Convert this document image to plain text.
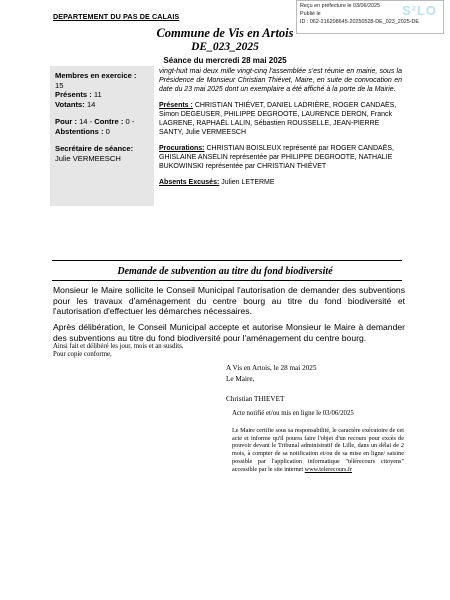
DEPARTEMENT DU PAS DE CALAIS
Reçu en préfecture le 03/06/2025
Publié le
ID : 062-216208645-20250528-DE_023_2025-DE
S²LO
Commune de Vis en Artois
DE_023_2025
Séance du mercredi 28 mai 2025
Membres en exercice :
15
Présents : 11
Votants: 14
Pour : 14 - Contre : 0 -
Abstentions : 0
Secrétaire de séance:
Julie VERMEESCH

vingt-huit mai deux mille vingt-cinq l'assemblée s'est réunie en mairie, sous la Présidence de Monsieur Christian Thiévet, Maire, en suite de convocation en date du 23 mai 2025 dont un exemplaire a été affiché à la porte de la Mairie.

Présents : CHRISTIAN THIÉVET, DANIEL LADRIÈRE, ROGER CANDAËS, Simon DEGEUSER, PHILIPPE DEGROOTE, LAURENCE DERON, Franck LAGRENE, RAPHAËL LALIN, Sébastien ROUSSELLE, JEAN-PIERRE SANTY, Julie VERMEESCH

Procurations: CHRISTIAN BOISLEUX représenté par ROGER CANDAËS, GHISLAINE ANSELIN représentée par PHILIPPE DEGROOTE, NATHALIE BUKOWINSKI représentée par CHRISTIAN THIÉVET

Absents Excusés: Julien LETERME

Demande de subvention au titre du fond biodiversité
Monsieur le Maire sollicite le Conseil Municipal l'autorisation de demander des subventions pour les travaux d'aménagement du centre bourg au titre du fond biodiversité et l'autorisation d'effectuer les démarches nécessaires.
Après délibération, le Conseil Municipal accepte et autorise Monsieur le Maire à demander des subventions au titre du fond biodiversité pour l'aménagement du centre bourg.
Ainsi fait et délibéré les jour, mois et an susdits.
Pour copie conforme,
A Vis en Artois, le 28 mai 2025
Le Maire,
Christian THIEVET
Acte notifié et/ou mis en ligne le 03/06/2025
Le Maire certifie sous sa responsabilité, le caractère exécutoire de cet acte et informe qu'il pourra faire l'objet d'un recours pour excès de pouvoir devant le Tribunal administratif de Lille, dans un délai de 2 mois, à compter de sa notification et/ou de sa mise en ligne/ saisine possible par l'application informatique "télérecours citoyens" accessible par le site internet www.telerecours.fr
